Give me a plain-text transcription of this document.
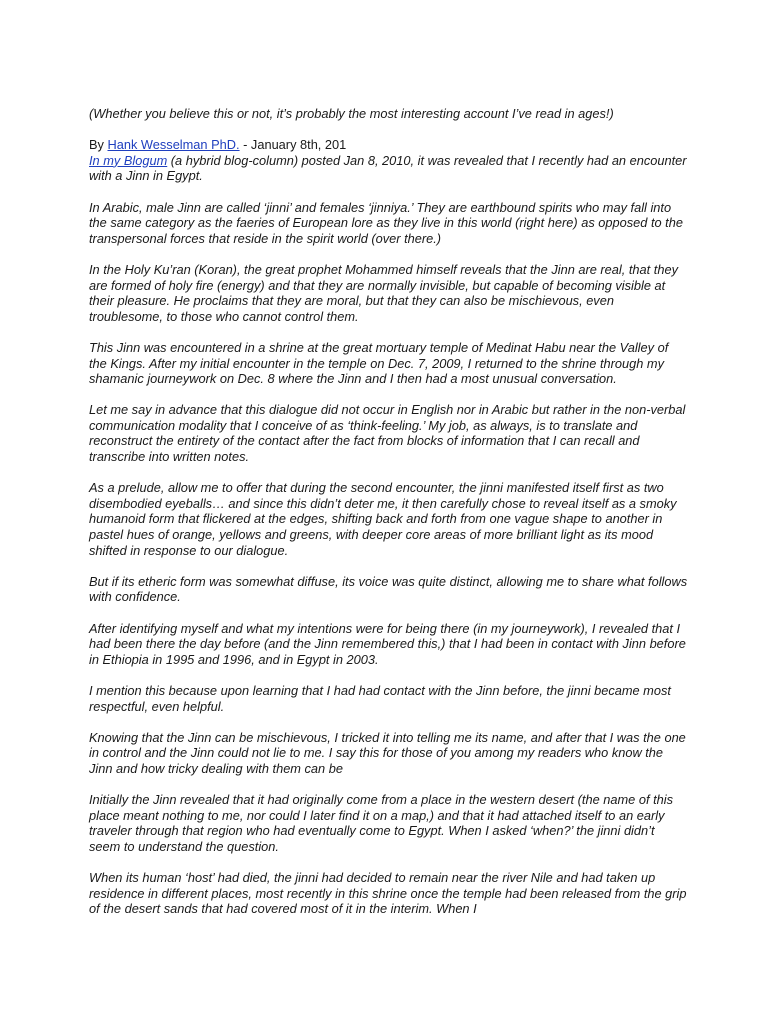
(Whether you believe this or not, it’s probably the most interesting account I’ve read in ages!)

By Hank Wesselman PhD. - January 8th, 201
In my Blogum (a hybrid blog-column) posted Jan 8, 2010, it was revealed that I recently had an encounter with a Jinn in Egypt.

In Arabic, male Jinn are called ‘jinni’ and females ‘jinniya.’ They are earthbound spirits who may fall into the same category as the faeries of European lore as they live in this world (right here) as opposed to the transpersonal forces that reside in the spirit world (over there.)

In the Holy Ku’ran (Koran), the great prophet Mohammed himself reveals that the Jinn are real, that they are formed of holy fire (energy) and that they are normally invisible, but capable of becoming visible at their pleasure. He proclaims that they are moral, but that they can also be mischievous, even troublesome, to those who cannot control them.

This Jinn was encountered in a shrine at the great mortuary temple of Medinat Habu near the Valley of the Kings. After my initial encounter in the temple on Dec. 7, 2009, I returned to the shrine through my shamanic journeywork on Dec. 8 where the Jinn and I then had a most unusual conversation.

Let me say in advance that this dialogue did not occur in English nor in Arabic but rather in the non-verbal communication modality that I conceive of as ‘think-feeling.’ My job, as always, is to translate and reconstruct the entirety of the contact after the fact from blocks of information that I can recall and transcribe into written notes.

As a prelude, allow me to offer that during the second encounter, the jinni manifested itself first as two disembodied eyeballs… and since this didn’t deter me, it then carefully chose to reveal itself as a smoky humanoid form that flickered at the edges, shifting back and forth from one vague shape to another in pastel hues of orange, yellows and greens, with deeper core areas of more brilliant light as its mood shifted in response to our dialogue.

But if its etheric form was somewhat diffuse, its voice was quite distinct, allowing me to share what follows with confidence.

After identifying myself and what my intentions were for being there (in my journeywork), I revealed that I had been there the day before (and the Jinn remembered this,) that I had been in contact with Jinn before in Ethiopia in 1995 and 1996, and in Egypt in 2003.

I mention this because upon learning that I had had contact with the Jinn before, the jinni became most respectful, even helpful.

Knowing that the Jinn can be mischievous, I tricked it into telling me its name, and after that I was the one in control and the Jinn could not lie to me. I say this for those of you among my readers who know the Jinn and how tricky dealing with them can be

Initially the Jinn revealed that it had originally come from a place in the western desert (the name of this place meant nothing to me, nor could I later find it on a map,) and that it had attached itself to an early traveler through that region who had eventually come to Egypt. When I asked ‘when?’ the jinni didn’t seem to understand the question.

When its human ‘host’ had died, the jinni had decided to remain near the river Nile and had taken up residence in different places, most recently in this shrine once the temple had been released from the grip of the desert sands that had covered most of it in the interim. When I
